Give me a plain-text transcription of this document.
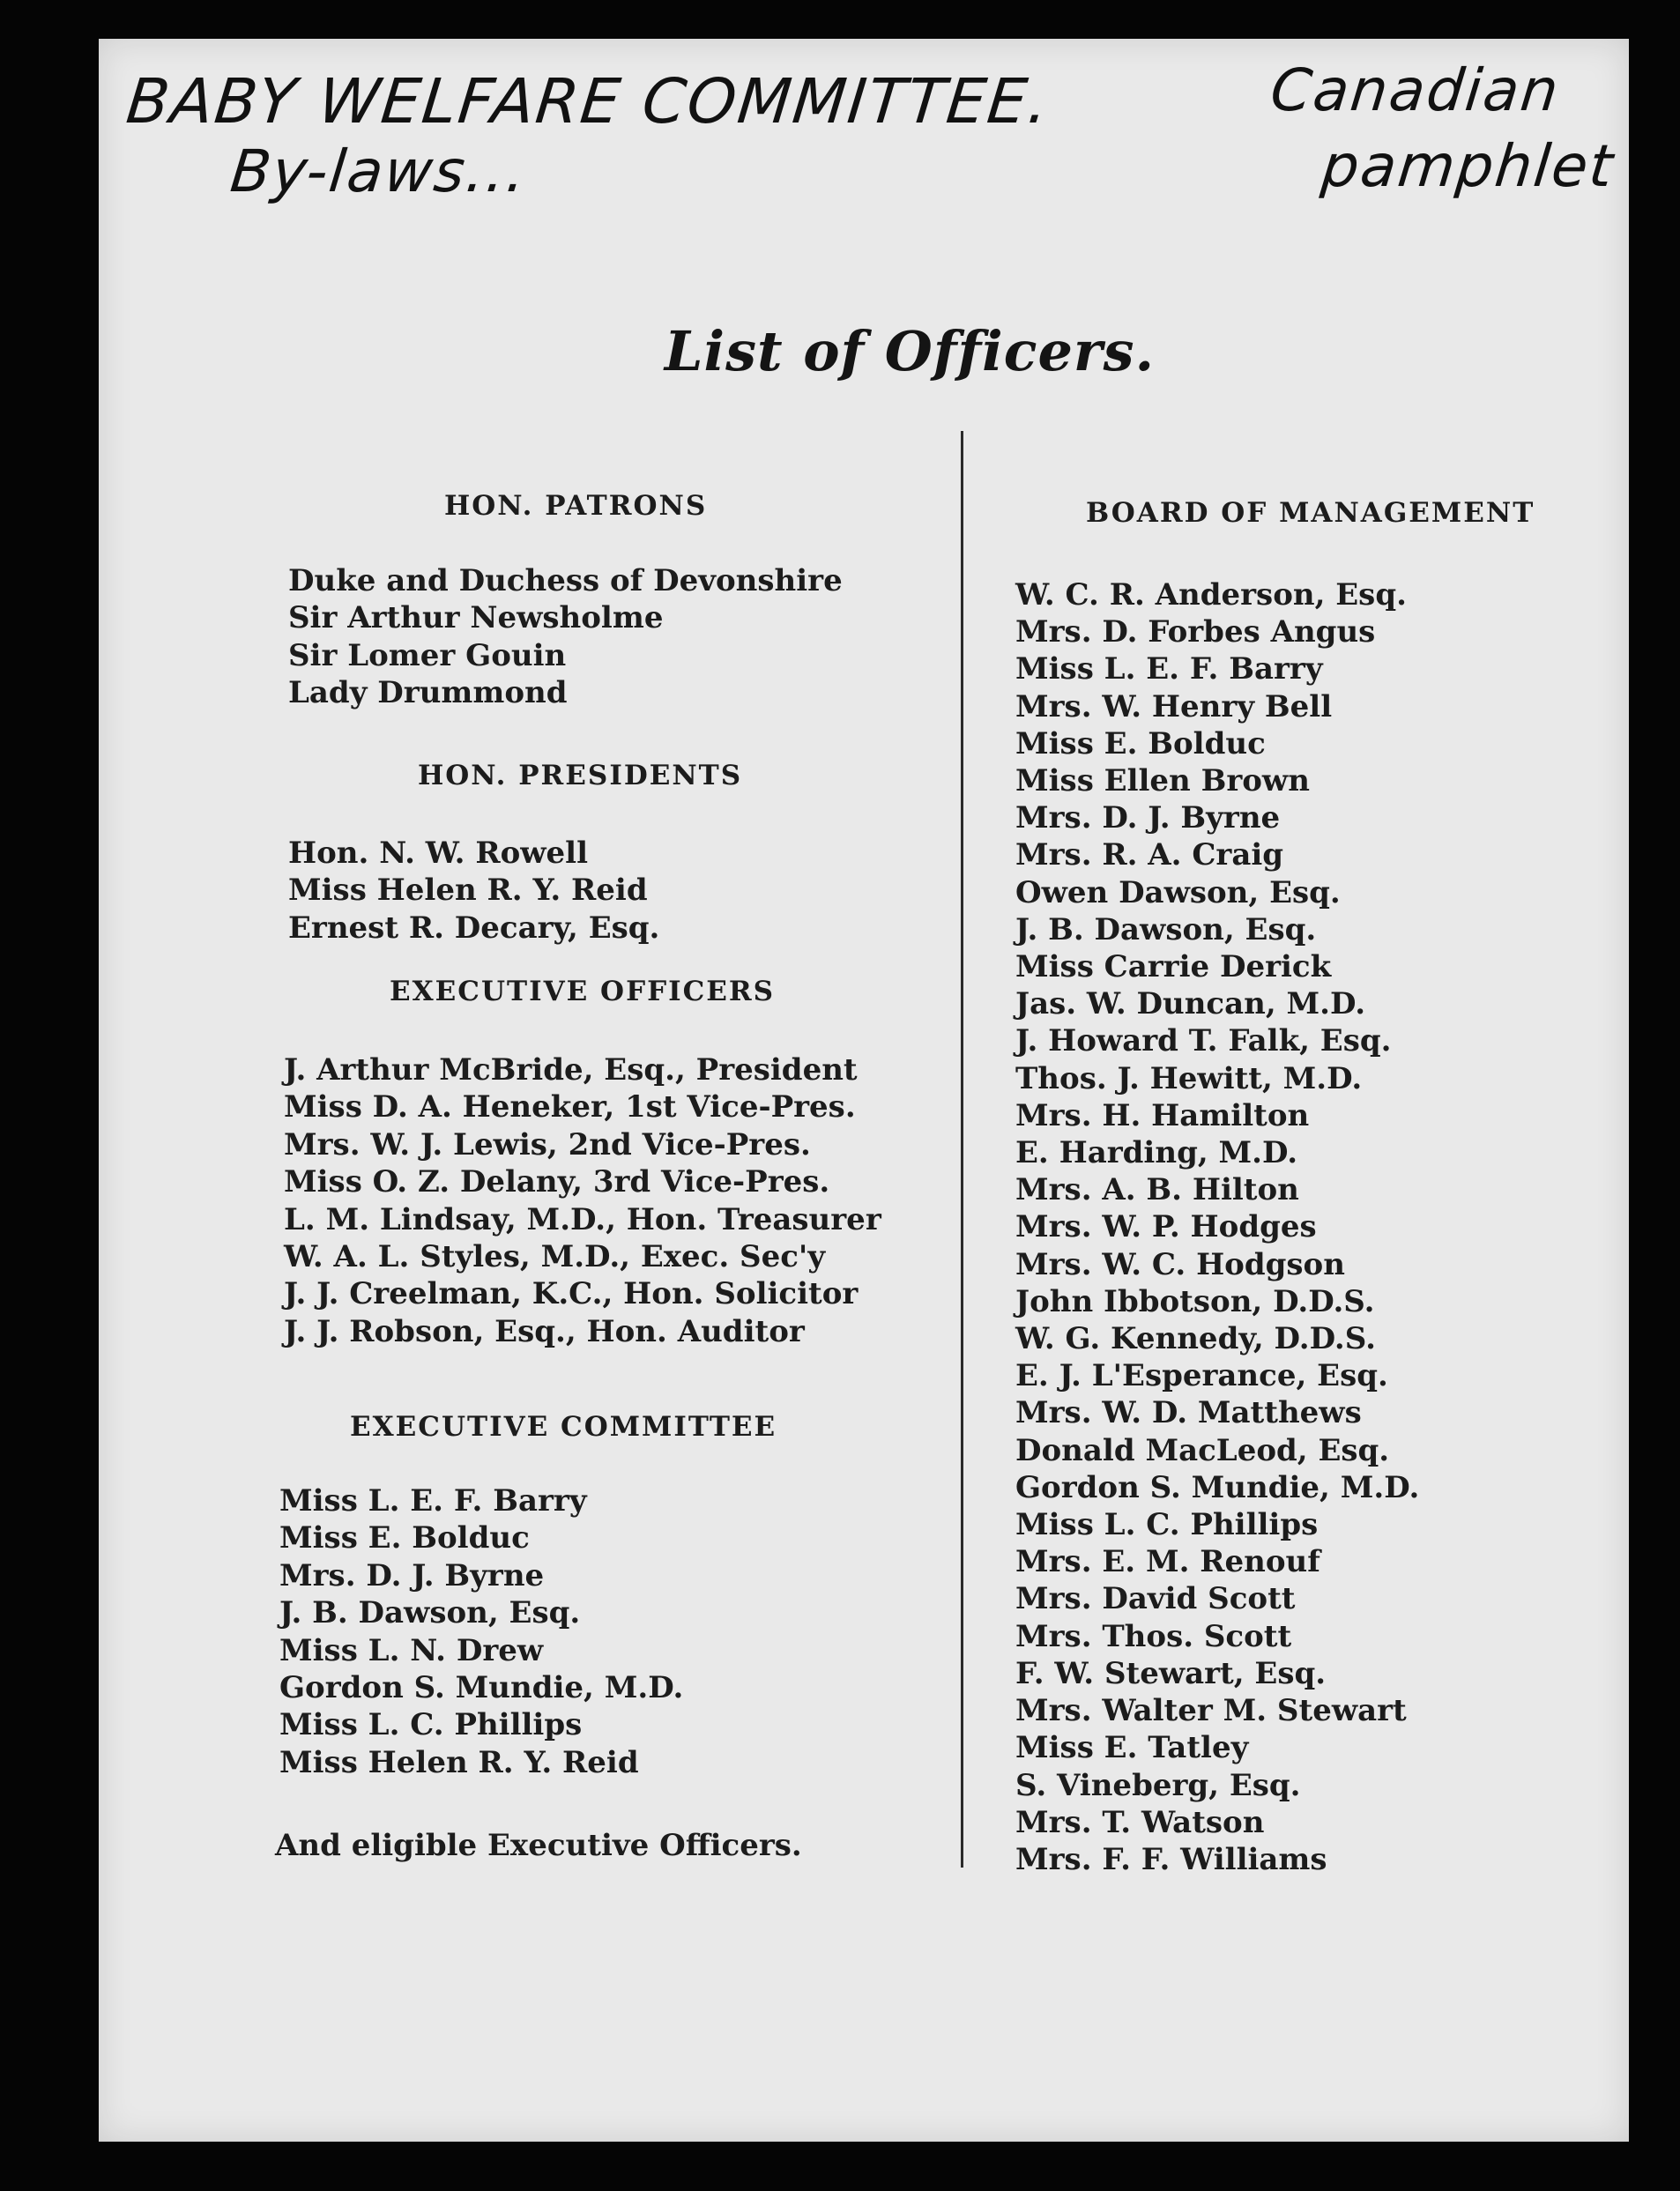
BABY WELFARE COMMITTEE.
By-laws...
Canadian
pamphlet
List of Officers.
HON. PATRONS
Duke and Duchess of Devonshire
Sir Arthur Newsholme
Sir Lomer Gouin
Lady Drummond
HON. PRESIDENTS
Hon. N. W. Rowell
Miss Helen R. Y. Reid
Ernest R. Decary, Esq.
EXECUTIVE OFFICERS
J. Arthur McBride, Esq., President
Miss D. A. Heneker, 1st Vice-Pres.
Mrs. W. J. Lewis, 2nd Vice-Pres.
Miss O. Z. Delany, 3rd Vice-Pres.
L. M. Lindsay, M.D., Hon. Treasurer
W. A. L. Styles, M.D., Exec. Sec'y
J. J. Creelman, K.C., Hon. Solicitor
J. J. Robson, Esq., Hon. Auditor
EXECUTIVE COMMITTEE
Miss L. E. F. Barry
Miss E. Bolduc
Mrs. D. J. Byrne
J. B. Dawson, Esq.
Miss L. N. Drew
Gordon S. Mundie, M.D.
Miss L. C. Phillips
Miss Helen R. Y. Reid
And eligible Executive Officers.
BOARD OF MANAGEMENT
W. C. R. Anderson, Esq.
Mrs. D. Forbes Angus
Miss L. E. F. Barry
Mrs. W. Henry Bell
Miss E. Bolduc
Miss Ellen Brown
Mrs. D. J. Byrne
Mrs. R. A. Craig
Owen Dawson, Esq.
J. B. Dawson, Esq.
Miss Carrie Derick
Jas. W. Duncan, M.D.
J. Howard T. Falk, Esq.
Thos. J. Hewitt, M.D.
Mrs. H. Hamilton
E. Harding, M.D.
Mrs. A. B. Hilton
Mrs. W. P. Hodges
Mrs. W. C. Hodgson
John Ibbotson, D.D.S.
W. G. Kennedy, D.D.S.
E. J. L'Esperance, Esq.
Mrs. W. D. Matthews
Donald MacLeod, Esq.
Gordon S. Mundie, M.D.
Miss L. C. Phillips
Mrs. E. M. Renouf
Mrs. David Scott
Mrs. Thos. Scott
F. W. Stewart, Esq.
Mrs. Walter M. Stewart
Miss E. Tatley
S. Vineberg, Esq.
Mrs. T. Watson
Mrs. F. F. Williams
